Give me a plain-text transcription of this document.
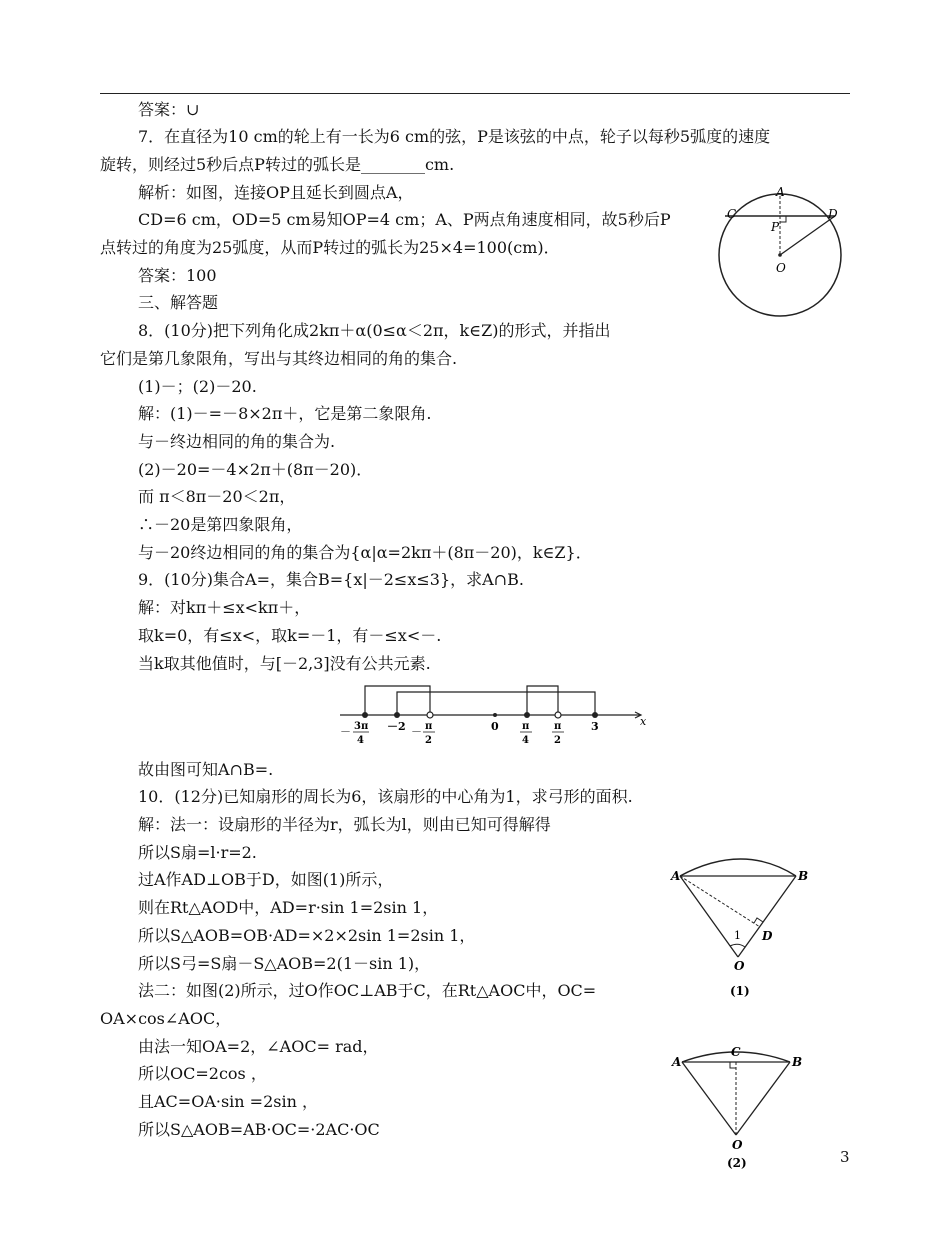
答案：∪
7．在直径为10 cm的轮上有一长为6 cm的弦，P是该弦的中点，轮子以每秒5弧度的速度
旋转，则经过5秒后点P转过的弧长是________cm.
解析：如图，连接OP且延长到圆点A，
CD=6 cm，OD=5 cm易知OP=4 cm；A、P两点角速度相同，故5秒后P
点转过的角度为25弧度，从而P转过的弧长为25×4=100(cm)．
答案：100
三、解答题
8．(10分)把下列角化成2kπ＋α(0≤α＜2π，k∈Z)的形式，并指出
它们是第几象限角，写出与其终边相同的角的集合.
(1)－；(2)－20.
解：(1)－=－8×2π＋，它是第二象限角.
与－终边相同的角的集合为.
(2)－20=－4×2π＋(8π－20)．
而 π＜8π－20＜2π，
∴－20是第四象限角，
与－20终边相同的角的集合为{α|α=2kπ＋(8π－20)，k∈Z}．
9．(10分)集合A=，集合B={x|－2≤x≤3}，求A∩B.
解：对kπ＋≤x<kπ＋，
取k=0，有≤x<，取k=－1，有－≤x<－.
当k取其他值时，与[－2,3]没有公共元素.
故由图可知A∩B=.
10．(12分)已知扇形的周长为6，该扇形的中心角为1，求弓形的面积.
解：法一：设扇形的半径为r，弧长为l，则由已知可得解得
所以S扇=l·r=2.
过A作AD⊥OB于D，如图(1)所示，
则在Rt△AOD中，AD=r·sin 1=2sin 1，
所以S△AOB=OB·AD=×2×2sin 1=2sin 1，
所以S弓=S扇－S△AOB=2(1－sin 1)，
法二：如图(2)所示，过O作OC⊥AB于C，在Rt△AOC中，OC=
OA×cos∠AOC，
由法一知OA=2，∠AOC= rad，
所以OC=2cos ，
且AC=OA·sin =2sin ，
所以S△AOB=AB·OC=·2AC·OC
3
A
C	D
P
O
－ 3π
4
－2 － π
2
0 π
4
π
2
3	x
A	B
D
O
1
(1)
A	B
C
O
(2)
